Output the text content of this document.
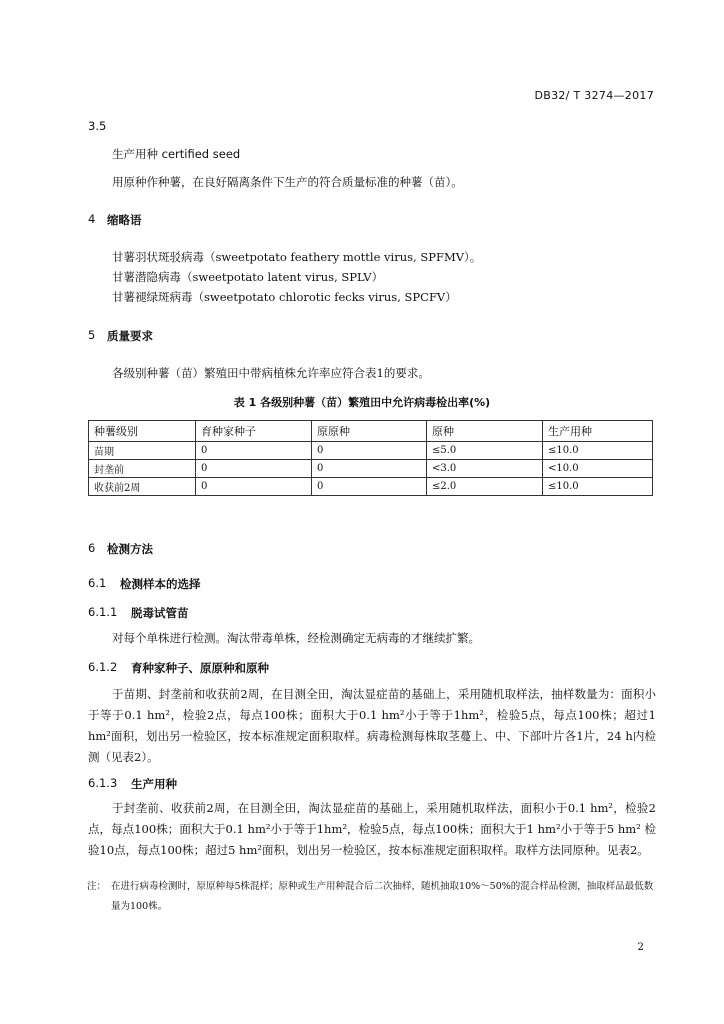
DB32/ T 3274—2017
3.5
生产用种 certified seed
用原种作种薯，在良好隔离条件下生产的符合质量标准的种薯（苗）。
4 缩略语
甘薯羽状斑驳病毒（sweetpotato feathery mottle virus, SPFMV）。
甘薯潜隐病毒（sweetpotato latent virus, SPLV）
甘薯褪绿斑病毒（sweetpotato chlorotic fecks virus, SPCFV）
5 质量要求
各级别种薯（苗）繁殖田中带病植株允许率应符合表1的要求。
表 1 各级别种薯（苗）繁殖田中允许病毒检出率(%)
种薯级别	育种家种子	原原种	原种	生产用种
苗期	0	0	≤5.0	≤10.0
封垄前	0	0	<3.0	<10.0
收获前2周	0	0	≤2.0	≤10.0
6 检测方法
6.1 检测样本的选择
6.1.1 脱毒试管苗
对每个单株进行检测。淘汰带毒单株，经检测确定无病毒的才继续扩繁。
6.1.2 育种家种子、原原种和原种
于苗期、封垄前和收获前2周，在目测全田，淘汰显症苗的基础上，采用随机取样法，抽样数量为：面积小于等于0.1 hm²，检验2点，每点100株；面积大于0.1 hm²小于等于1hm²，检验5点，每点100株；超过1 hm²面积，划出另一检验区，按本标准规定面积取样。病毒检测每株取茎蔓上、中、下部叶片各1片，24 h内检测（见表2）。
6.1.3 生产用种
于封垄前、收获前2周，在目测全田，淘汰显症苗的基础上，采用随机取样法，面积小于0.1 hm²，检验2点，每点100株；面积大于0.1 hm²小于等于1hm²，检验5点，每点100株；面积大于1 hm²小于等于5 hm² 检验10点，每点100株；超过5 hm²面积，划出另一检验区，按本标准规定面积取样。取样方法同原种。见表2。
注： 在进行病毒检测时，原原种每5株混样；原种或生产用种混合后二次抽样，随机抽取10%～50%的混合样品检测，抽取样品最低数量为100株。
2
